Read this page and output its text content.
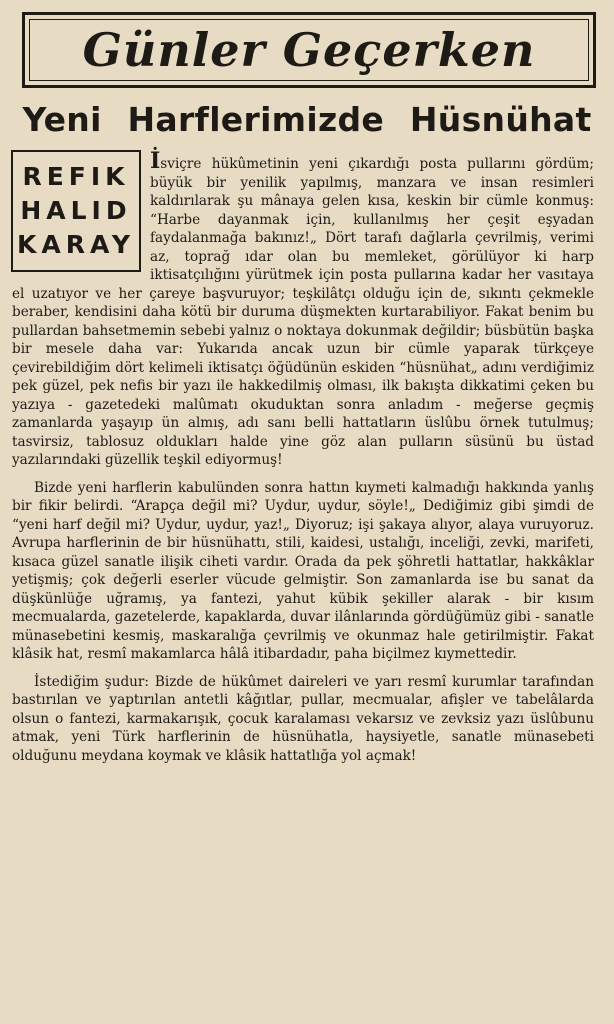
Günler Geçerken
Yeni Harflerimizde Hüsnühat
REFIK
HALID
KARAY

İsviçre hükûmetinin yeni çıkardığı posta pullarını gördüm; büyük bir yenilik yapılmış, manzara ve insan resimleri kaldırılarak şu mânaya gelen kısa, keskin bir cümle konmuş: “Harbe dayanmak için, kullanılmış her çeşit eşyadan faydalanmağa bakınız!„ Dört tarafı dağlarla çevrilmiş, verimi az, toprağ ıdar olan bu memleket, görülüyor ki harp iktisatçılığını yürütmek için posta pullarına kadar her vasıtaya el uzatıyor ve her çareye başvuruyor; teşkilâtçı olduğu için de, sıkıntı çekmekle beraber, kendisini daha kötü bir duruma düşmekten kurtarabiliyor. Fakat benim bu pullardan bahsetmemin sebebi yalnız o noktaya dokunmak değildir; büsbütün başka bir mesele daha var: Yukarıda ancak uzun bir cümle yaparak türkçeye çevirebildiğim dört kelimeli iktisatçı öğüdünün eskiden “hüsnühat„ adını verdiğimiz pek güzel, pek nefis bir yazı ile hakkedilmiş olması, ilk bakışta dikkatimi çeken bu yazıya - gazetedeki malûmatı okuduktan sonra anladım - meğerse geçmiş zamanlarda yaşayıp ün almış, adı sanı belli hattatların üslûbu örnek tutulmuş; tasvirsiz, tablosuz oldukları halde yine göz alan pulların süsünü bu üstad yazılarındaki güzellik teşkil ediyormuş!

Bizde yeni harflerin kabulünden sonra hattın kıymeti kalmadığı hakkında yanlış bir fikir belirdi. “Arapça değil mi? Uydur, uydur, söyle!„ Dediğimiz gibi şimdi de “yeni harf değil mi? Uydur, uydur, yaz!„ Diyoruz; işi şakaya alıyor, alaya vuruyoruz. Avrupa harflerinin de bir hüsnühattı, stili, kaidesi, ustalığı, inceliği, zevki, marifeti, kısaca güzel sanatle ilişik ciheti vardır. Orada da pek şöhretli hattatlar, hakkâklar yetişmiş; çok değerli eserler vücude gelmiştir. Son zamanlarda ise bu sanat da düşkünlüğe uğramış, ya fantezi, yahut kübik şekiller alarak - bir kısım mecmualarda, gazetelerde, kapaklarda, duvar ilânlarında gördüğümüz gibi - sanatle münasebetini kesmiş, maskaralığa çevrilmiş ve okunmaz hale getirilmiştir. Fakat klâsik hat, resmî makamlarca hâlâ itibardadır, paha biçilmez kıymettedir.

İstediğim şudur: Bizde de hükûmet daireleri ve yarı resmî kurumlar tarafından bastırılan ve yaptırılan antetli kâğıtlar, pullar, mecmualar, afişler ve tabelâlarda olsun o fantezi, karmakarışık, çocuk karalaması vekarsız ve zevksiz yazı üslûbunu atmak, yeni Türk harflerinin de hüsnühatla, haysiyetle, sanatle münasebeti olduğunu meydana koymak ve klâsik hattatlığa yol açmak!
